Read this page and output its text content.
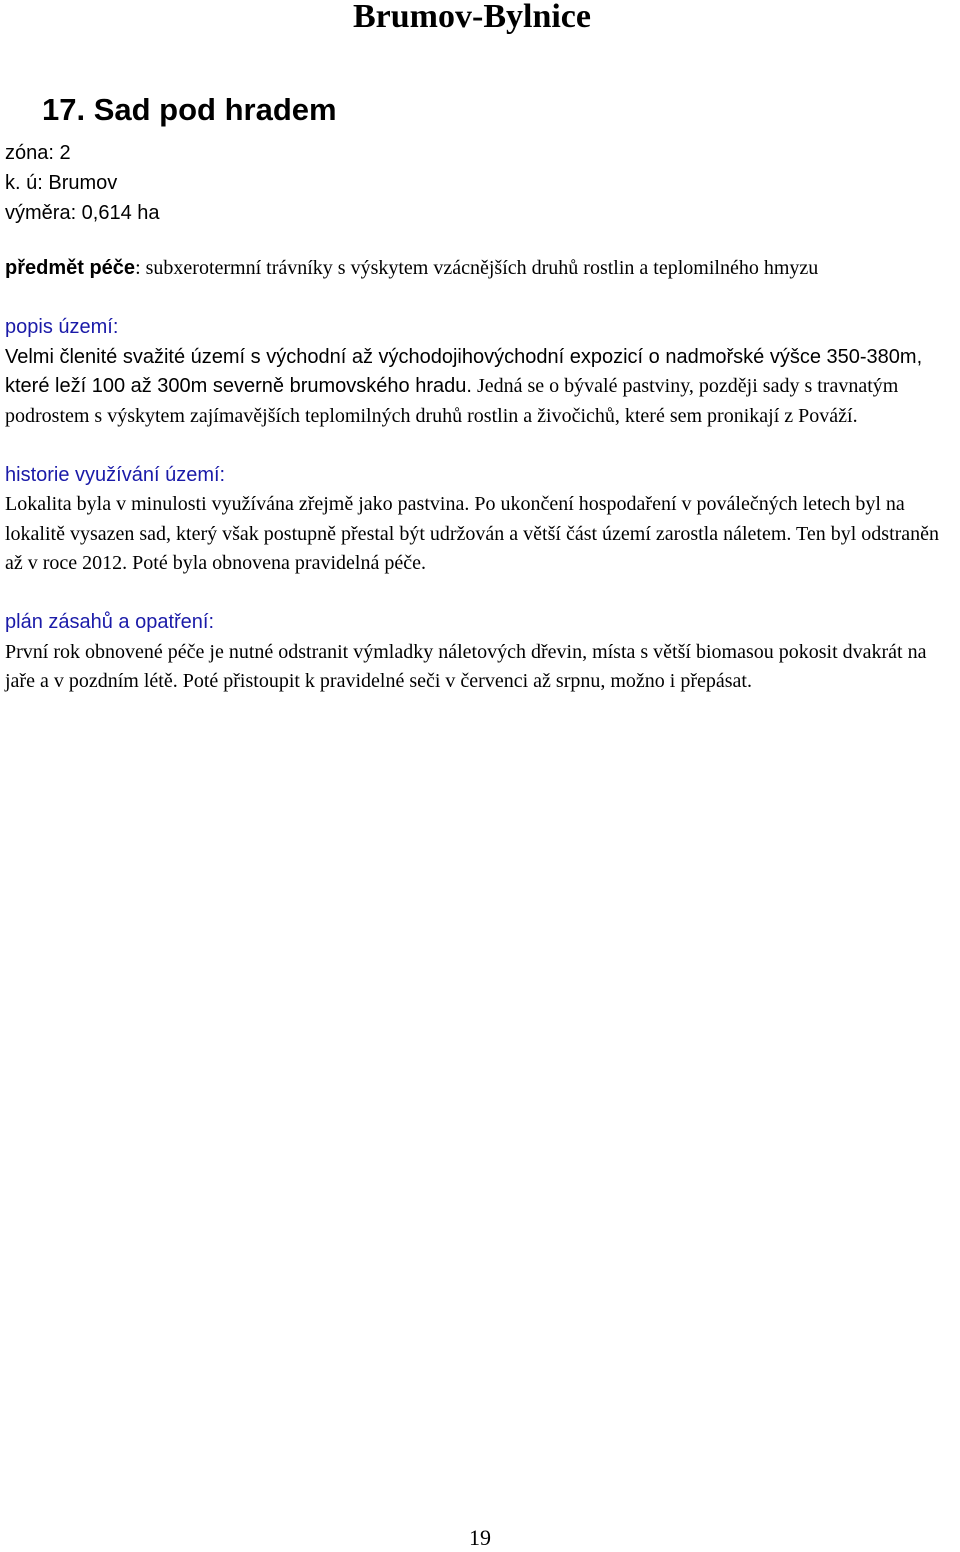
Brumov-Bylnice
17. Sad pod hradem
zóna: 2
k. ú: Brumov
výměra: 0,614 ha

předmět péče: subxerotermní trávníky s výskytem vzácnějších druhů rostlin a teplomilného hmyzu

popis území:

Velmi členité svažité území s východní až východojihovýchodní expozicí o nadmořské výšce 350-380m, které leží 100 až 300m severně brumovského hradu. Jedná se o bývalé pastviny, později sady s travnatým podrostem s výskytem zajímavějších teplomilných druhů rostlin a živočichů, které sem pronikají z Pováží.

historie využívání území:

Lokalita byla v minulosti využívána zřejmě jako pastvina. Po ukončení hospodaření v poválečných letech byl na lokalitě vysazen sad, který však postupně přestal být udržován a větší část území zarostla náletem. Ten byl odstraněn až v roce 2012. Poté byla obnovena pravidelná péče.

plán zásahů a opatření:

První rok obnovené péče je nutné odstranit výmladky náletových dřevin, místa s větší biomasou pokosit dvakrát na jaře a v pozdním létě. Poté přistoupit k pravidelné seči v červenci až srpnu, možno i přepásat.

19
